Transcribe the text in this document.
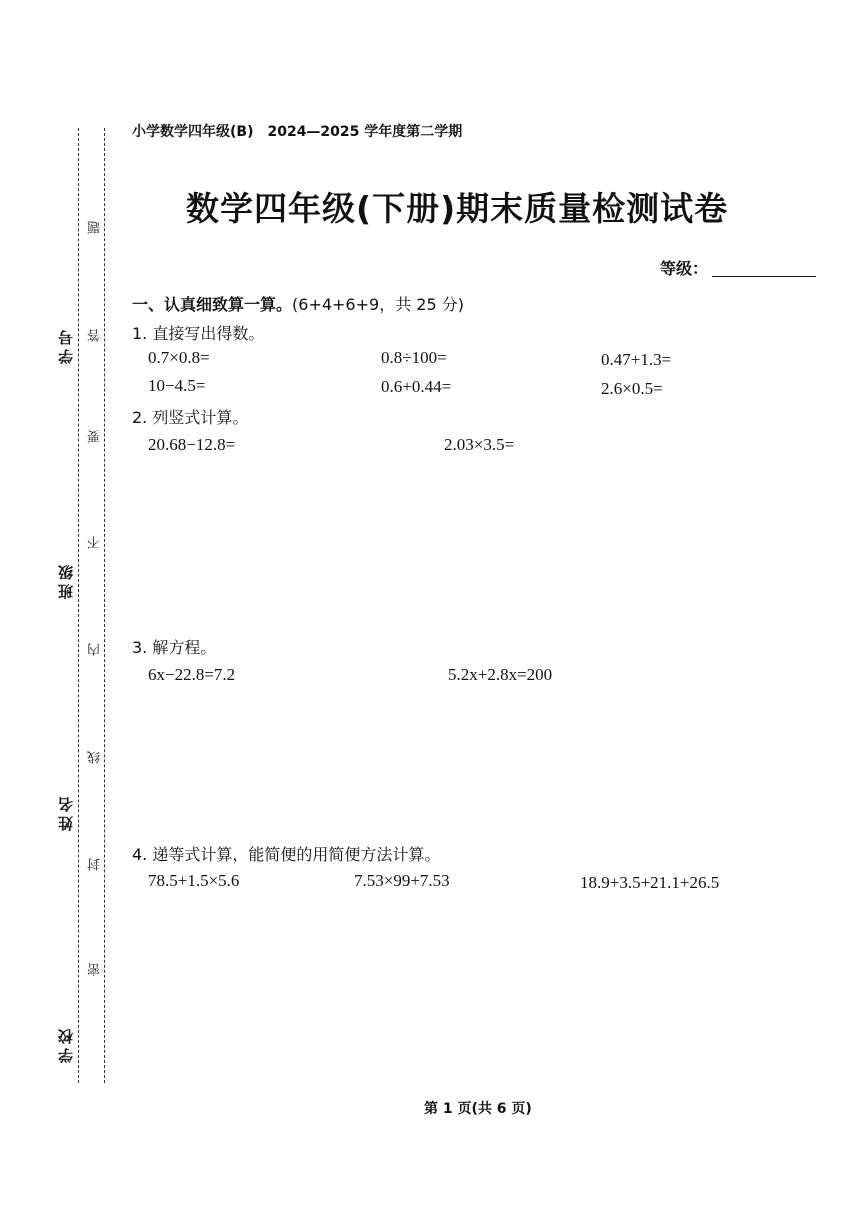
学号
班级
姓名
学校
题
答
要
不
内
线
封
密
小学数学四年级(B)　2024—2025 学年度第二学期
数学四年级(下册)期末质量检测试卷
等级：
一、认真细致算一算。(6+4+6+9，共 25 分)
1. 直接写出得数。
0.7×0.8=	0.8÷100=	0.47+1.3=
10−4.5=	0.6+0.44=	2.6×0.5=
2. 列竖式计算。
20.68−12.8=	2.03×3.5=
3. 解方程。
6x−22.8=7.2	5.2x+2.8x=200
4. 递等式计算，能简便的用简便方法计算。
78.5+1.5×5.6	7.53×99+7.53	18.9+3.5+21.1+26.5
第 1 页(共 6 页)
